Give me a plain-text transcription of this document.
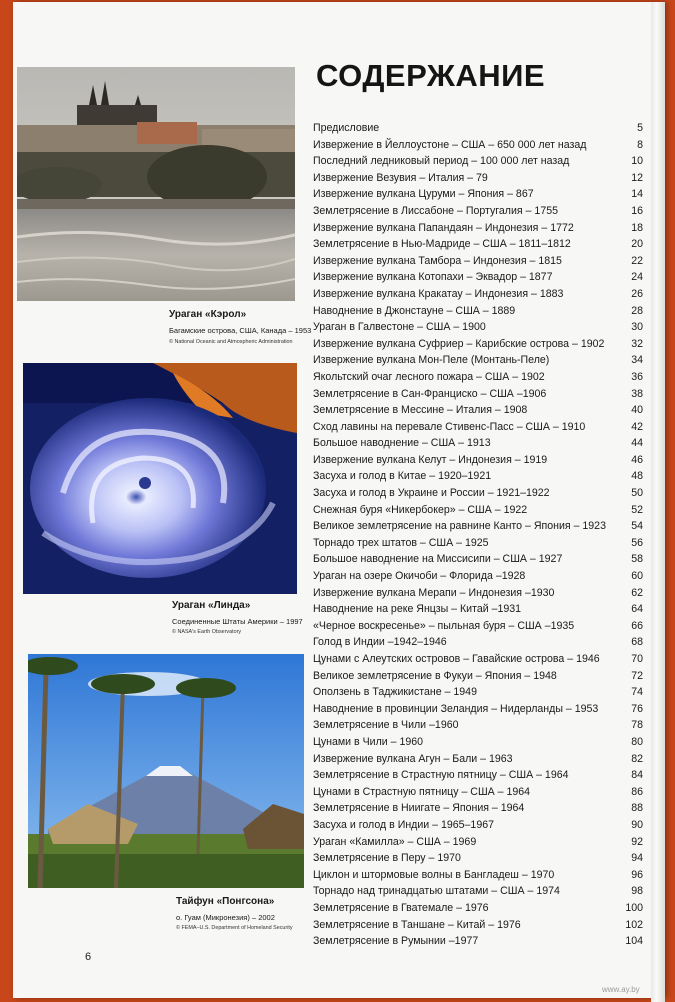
Ураган «Кэрол»
Багамские острова, США, Канада – 1953
© National Oceanic and Atmospheric Administration
Ураган «Линда»
Соединенные Штаты Америки – 1997
© NASA's Earth Observatory
Тайфун «Понгсона»
о. Гуам (Микронезия) – 2002
© FEMA–U.S. Department of Homeland Security
СОДЕРЖАНИЕ
Предисловие	5
Извержение в Йеллоустоне – США – 650 000 лет назад	8
Последний ледниковый период – 100 000 лет назад	10
Извержение Везувия – Италия – 79	12
Извержение вулкана Цуруми – Япония – 867	14
Землетрясение в Лиссабоне – Португалия – 1755	16
Извержение вулкана Папандаян – Индонезия – 1772	18
Землетрясение в Нью-Мадриде – США – 1811–1812	20
Извержение вулкана Тамбора – Индонезия – 1815	22
Извержение вулкана Котопахи – Эквадор – 1877	24
Извержение вулкана Кракатау – Индонезия – 1883	26
Наводнение в Джонстауне – США – 1889	28
Ураган в Галвестоне – США – 1900	30
Извержение вулкана Суфриер – Карибские острова – 1902	32
Извержение вулкана Мон-Пеле (Монтань-Пеле)	34
Якольтский очаг лесного пожара – США – 1902	36
Землетрясение в Сан-Франциско – США –1906	38
Землетрясение в Мессине – Италия – 1908	40
Сход лавины на перевале Стивенс-Пасс – США – 1910	42
Большое наводнение – США – 1913	44
Извержение вулкана Келут – Индонезия – 1919	46
Засуха и голод в Китае – 1920–1921	48
Засуха и голод в Украине и России – 1921–1922	50
Снежная буря «Никербокер» – США – 1922	52
Великое землетрясение на равнине Канто – Япония – 1923 54
Торнадо трех штатов – США – 1925	56
Большое наводнение на Миссисипи – США – 1927	58
Ураган на озере Окичоби – Флорида –1928	60
Извержение вулкана Мерапи – Индонезия –1930	62
Наводнение на реке Янцзы – Китай –1931	64
«Черное воскресенье» – пыльная буря – США –1935	66
Голод в Индии –1942–1946	68
Цунами с Алеутских островов – Гавайские острова – 1946	70
Великое землетрясение в Фукуи – Япония – 1948	72
Оползень в Таджикистане – 1949	74
Наводнение в провинции Зеландия – Нидерланды – 1953	76
Землетрясение в Чили –1960	78
Цунами в Чили – 1960	80
Извержение вулкана Агун – Бали – 1963	82
Землетрясение в Страстную пятницу – США – 1964	84
Цунами в Страстную пятницу – США – 1964	86
Землетрясение в Ниигате – Япония – 1964	88
Засуха и голод в Индии – 1965–1967	90
Ураган «Камилла» – США – 1969	92
Землетрясение в Перу – 1970	94
Циклон и штормовые волны в Бангладеш – 1970	96
Торнадо над тринадцатью штатами – США – 1974	98
Землетрясение в Гватемале – 1976	100
Землетрясение в Таншане – Китай – 1976	102
Землетрясение в Румынии –1977	104
6
www.ay.by
